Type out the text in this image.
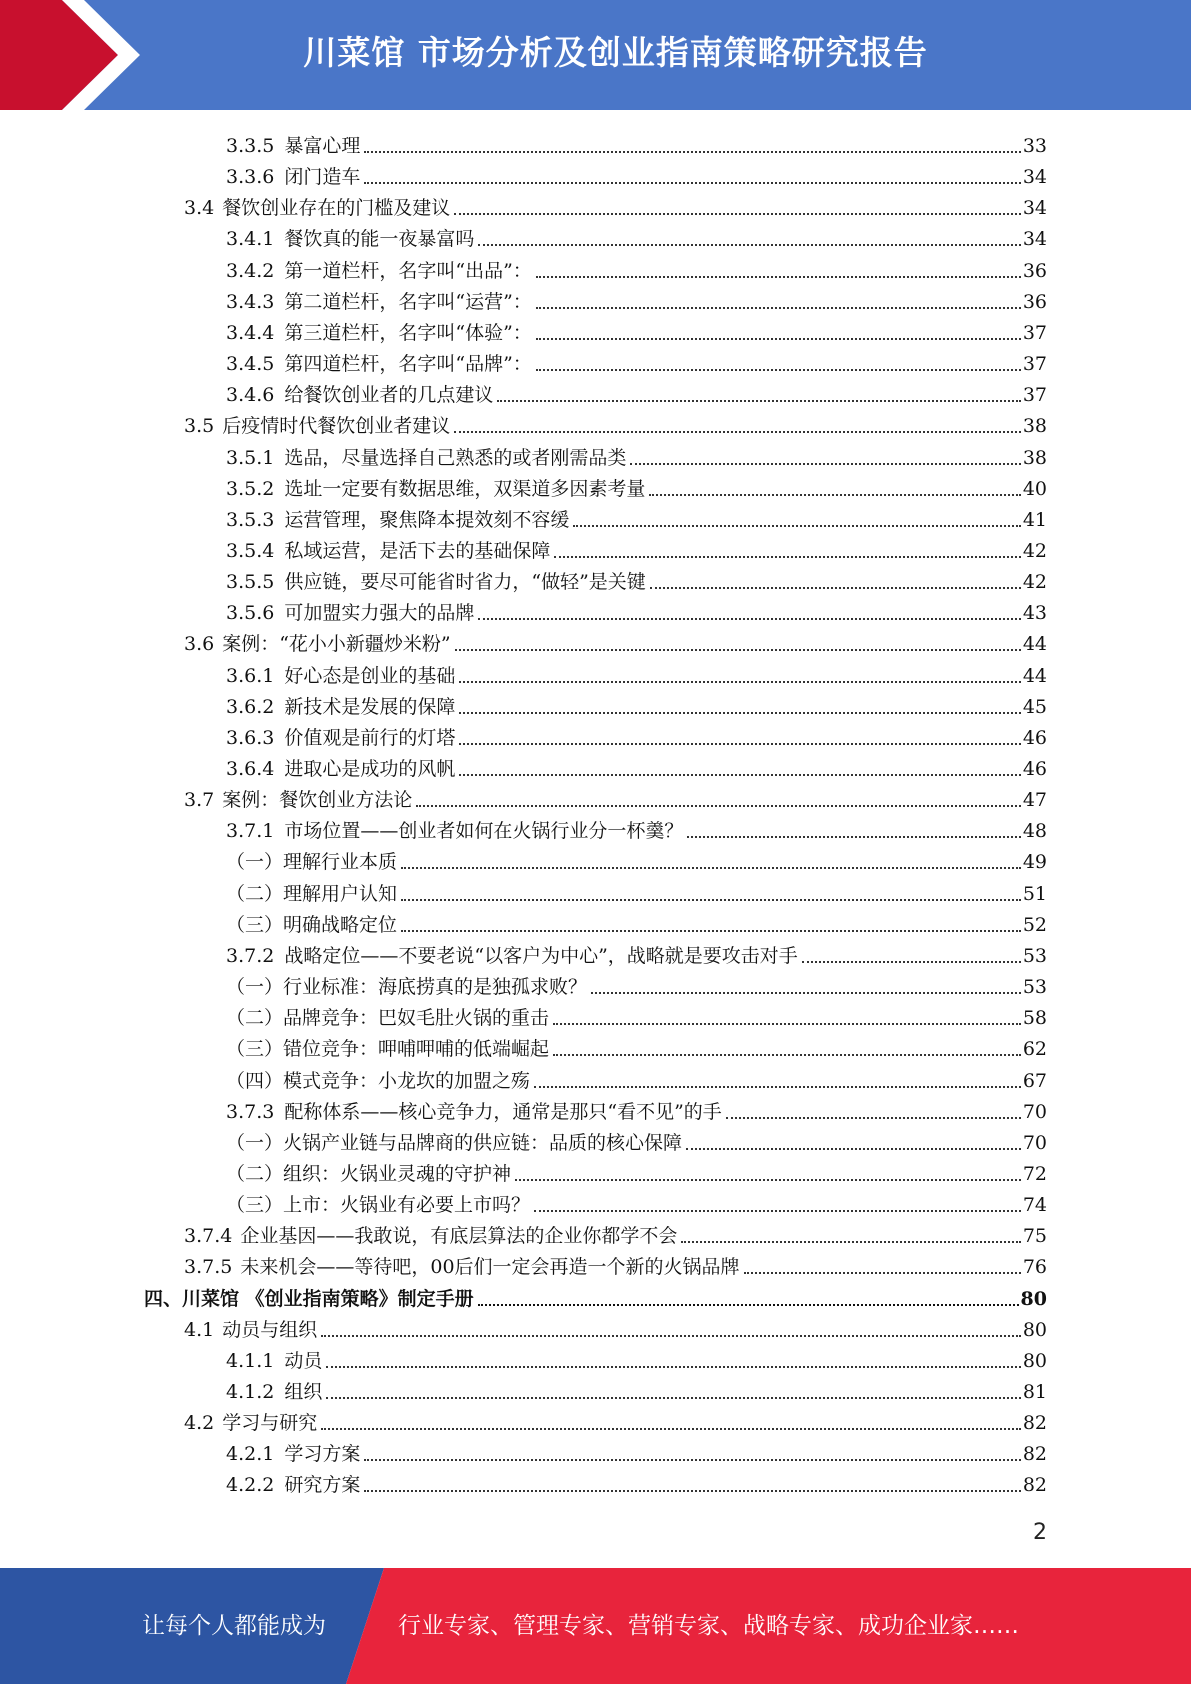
川菜馆 市场分析及创业指南策略研究报告
3.3.5 暴富心理	33
3.3.6 闭门造车	34
3.4 餐饮创业存在的门槛及建议	34
3.4.1 餐饮真的能一夜暴富吗	34
3.4.2 第一道栏杆，名字叫“出品”：	36
3.4.3 第二道栏杆，名字叫“运营”：	36
3.4.4 第三道栏杆，名字叫“体验”：	37
3.4.5 第四道栏杆，名字叫“品牌”：	37
3.4.6 给餐饮创业者的几点建议	37
3.5 后疫情时代餐饮创业者建议	38
3.5.1 选品，尽量选择自己熟悉的或者刚需品类	38
3.5.2 选址一定要有数据思维，双渠道多因素考量	40
3.5.3 运营管理，聚焦降本提效刻不容缓	41
3.5.4 私域运营，是活下去的基础保障	42
3.5.5 供应链，要尽可能省时省力，“做轻”是关键	42
3.5.6 可加盟实力强大的品牌	43
3.6 案例：“花小小新疆炒米粉”	44
3.6.1 好心态是创业的基础	44
3.6.2 新技术是发展的保障	45
3.6.3 价值观是前行的灯塔	46
3.6.4 进取心是成功的风帆	46
3.7 案例：餐饮创业方法论	47
3.7.1 市场位置——创业者如何在火锅行业分一杯羹？	48
（一）理解行业本质	49
（二）理解用户认知	51
（三）明确战略定位	52
3.7.2 战略定位——不要老说“以客户为中心”，战略就是要攻击对手	53
（一）行业标准：海底捞真的是独孤求败？	53
（二）品牌竞争：巴奴毛肚火锅的重击	58
（三）错位竞争：呷哺呷哺的低端崛起	62
（四）模式竞争：小龙坎的加盟之殇	67
3.7.3 配称体系——核心竞争力，通常是那只“看不见”的手	70
（一）火锅产业链与品牌商的供应链：品质的核心保障	70
（二）组织：火锅业灵魂的守护神	72
（三）上市：火锅业有必要上市吗？	74
3.7.4 企业基因——我敢说，有底层算法的企业你都学不会	75
3.7.5 未来机会——等待吧，00后们一定会再造一个新的火锅品牌	76
四、川菜馆 《创业指南策略》制定手册	80
4.1 动员与组织	80
4.1.1 动员	80
4.1.2 组织	81
4.2 学习与研究	82
4.2.1 学习方案	82
4.2.2 研究方案	82
2
让每个人都能成为	行业专家、管理专家、营销专家、战略专家、成功企业家……
